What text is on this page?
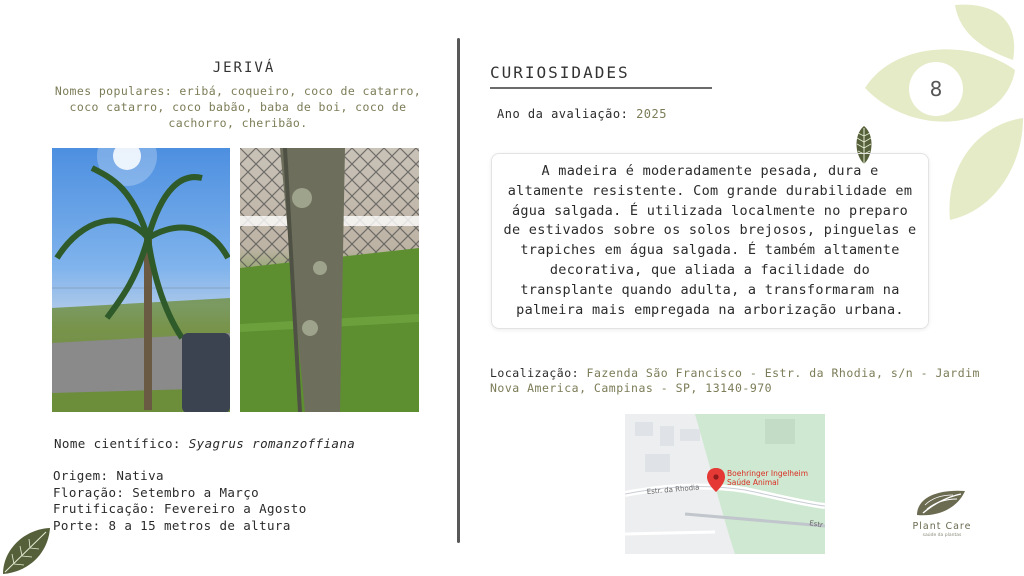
8
JERIVÁ
Nomes populares: eribá, coqueiro, coco de catarro, coco catarro, coco babão, baba de boi, coco de cachorro, cheribão.
Nome científico: Syagrus romanzoffiana
Origem: Nativa
Floração: Setembro a Março
Frutificação: Fevereiro a Agosto
Porte: 8 a 15 metros de altura
CURIOSIDADES
Ano da avaliação: 2025
A madeira é moderadamente pesada, dura e altamente resistente. Com grande durabilidade em água salgada. É utilizada localmente no preparo de estivados sobre os solos brejosos, pinguelas e trapiches em água salgada. É também altamente decorativa, que aliada a facilidade do transplante quando adulta, a transformaram na palmeira mais empregada na arborização urbana.
Localização: Fazenda São Francisco - Estr. da Rhodia, s/n - Jardim Nova America, Campinas - SP, 13140-970
Estr. da Rhodia
Estr
Boehringer Ingelheim
Saúde Animal
Plant Care
saúde da plantas
